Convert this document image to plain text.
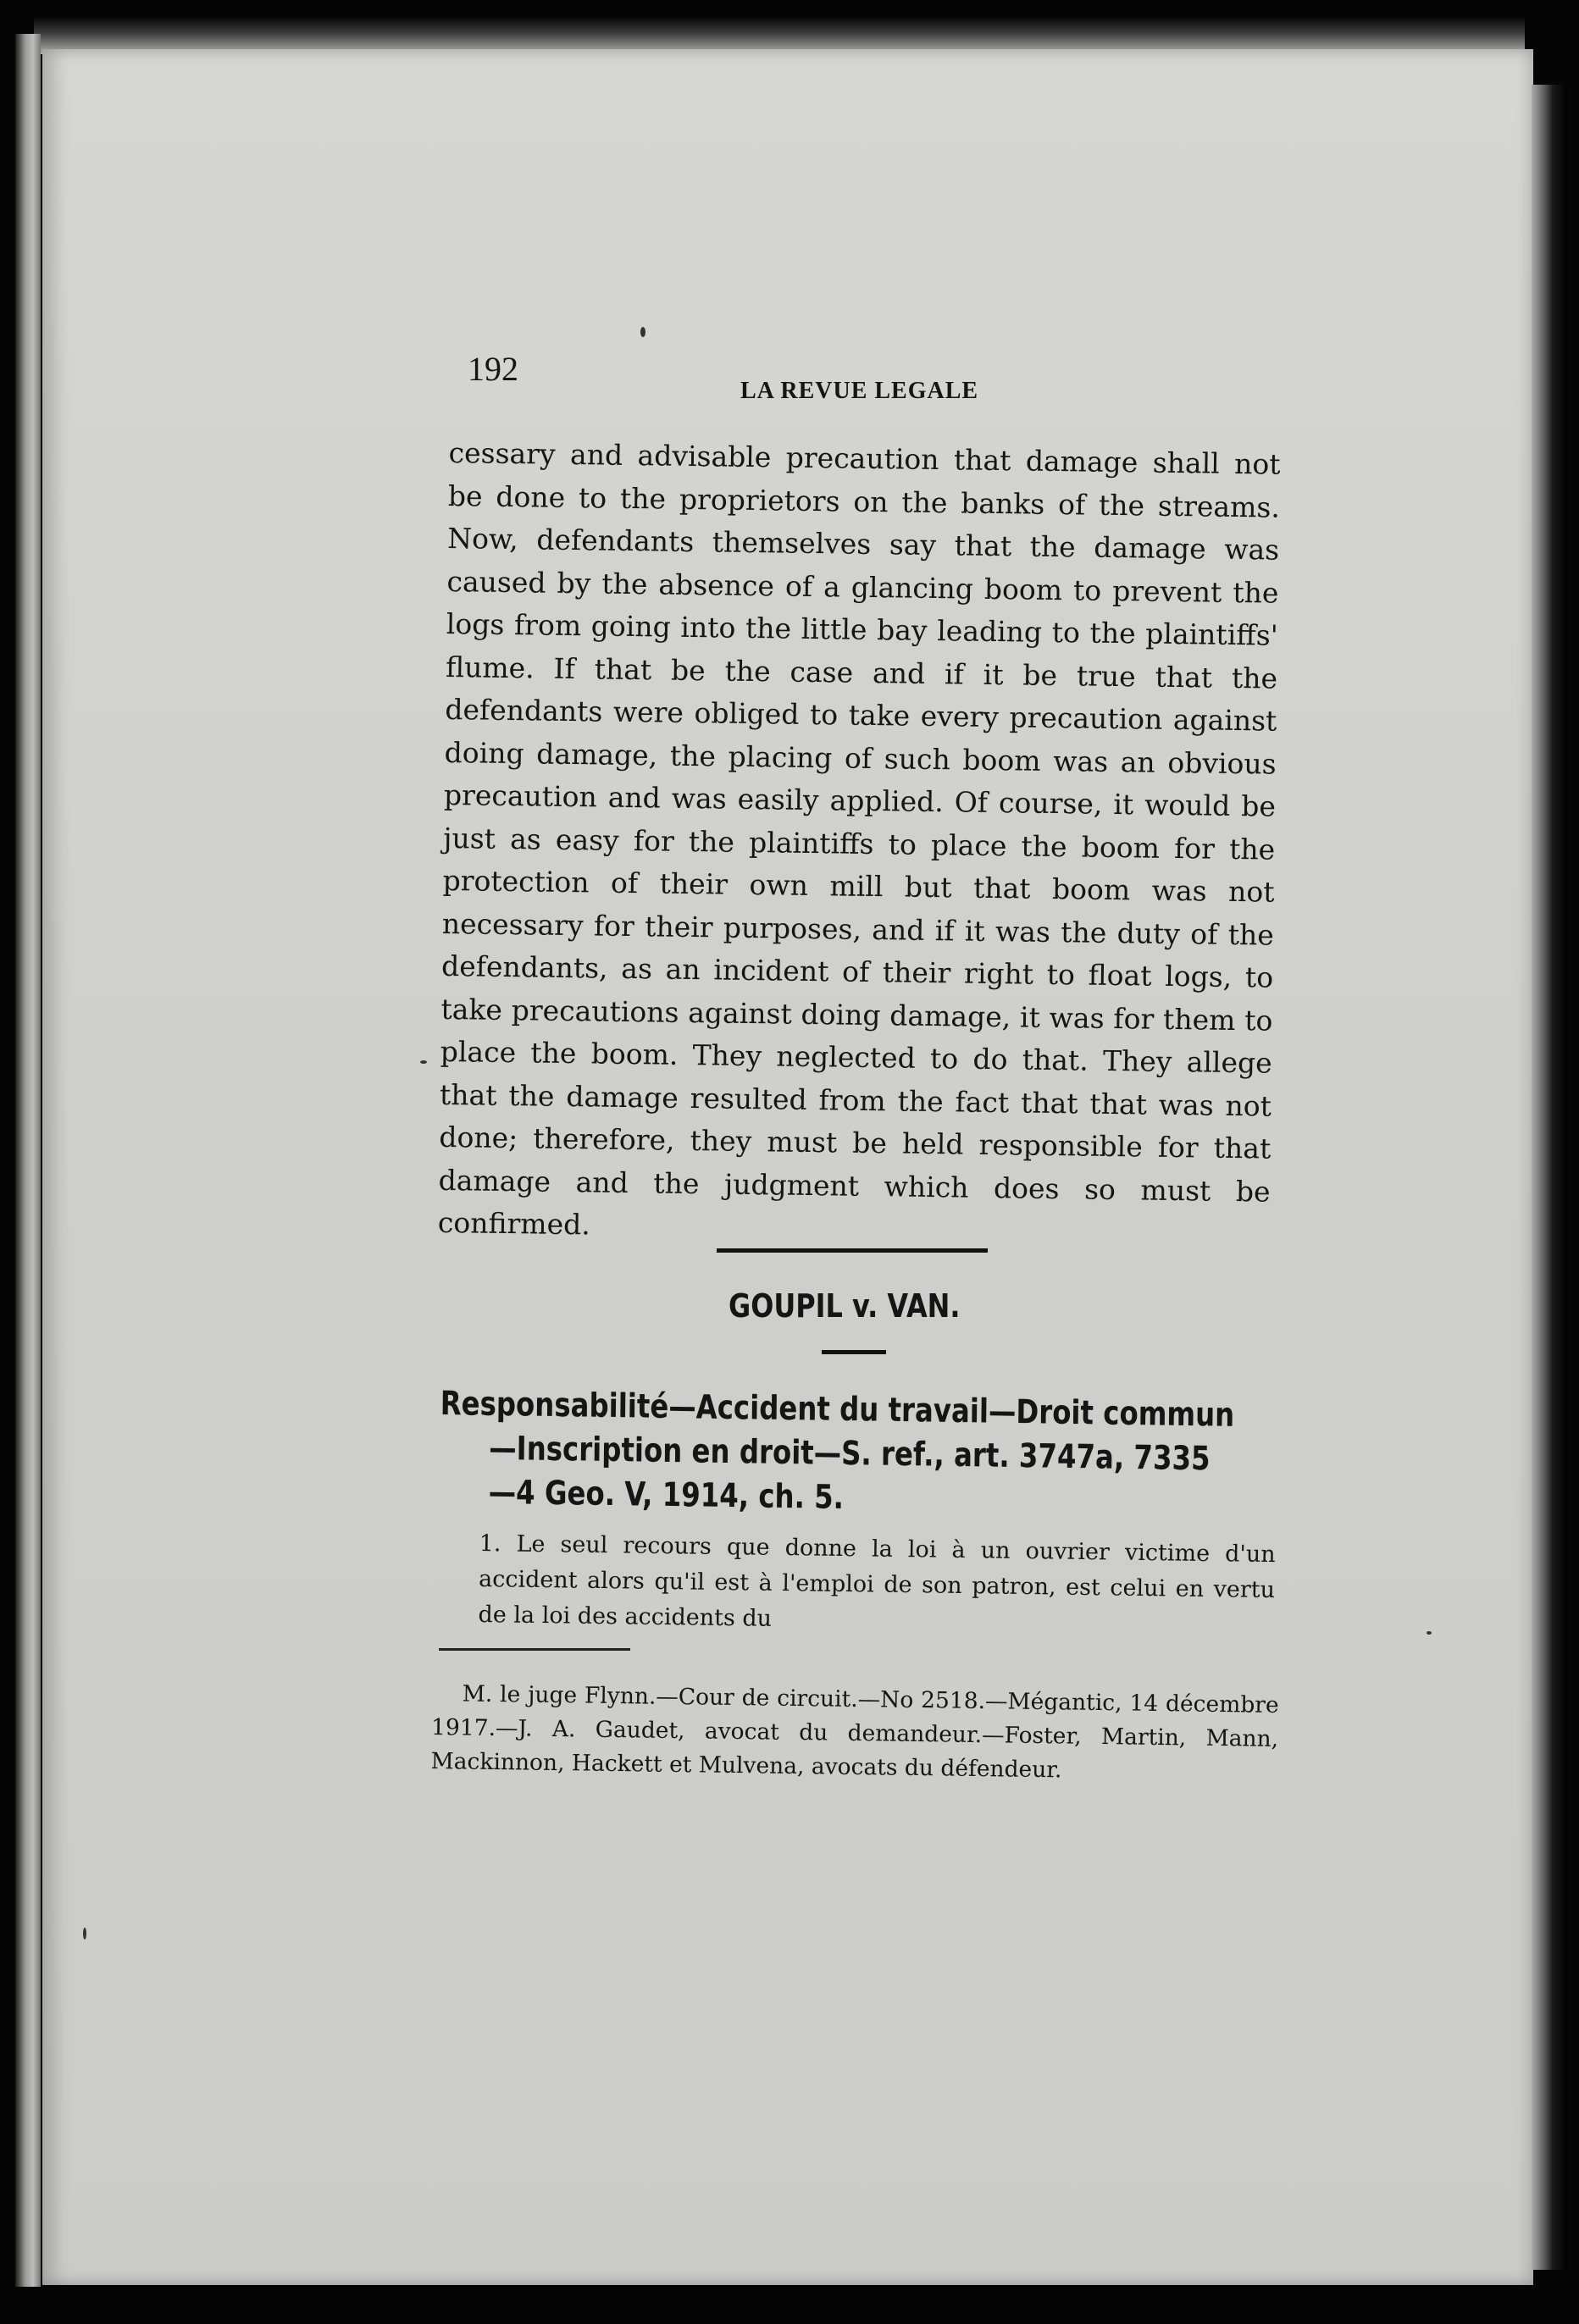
192
LA REVUE LEGALE

cessary and advisable precaution that damage shall not be done to the proprietors on the banks of the streams. Now, defendants themselves say that the damage was caused by the absence of a glancing boom to prevent the logs from going into the little bay leading to the plaintiffs' flume. If that be the case and if it be true that the defendants were obliged to take every precaution against doing damage, the placing of such boom was an obvious precaution and was easily applied. Of course, it would be just as easy for the plaintiffs to place the boom for the protection of their own mill but that boom was not necessary for their purposes, and if it was the duty of the defendants, as an incident of their right to float logs, to take precautions against doing damage, it was for them to place the boom. They neglected to do that. They allege that the damage resulted from the fact that that was not done; therefore, they must be held responsible for that damage and the judgment which does so must be confirmed.

GOUPIL v. VAN.
Responsabilité—Accident du travail—Droit commun
—Inscription en droit—S. ref., art. 3747a, 7335
—4 Geo. V, 1914, ch. 5.

1. Le seul recours que donne la loi à un ouvrier victime d'un accident alors qu'il est à l'emploi de son patron, est celui en vertu de la loi des accidents du

M. le juge Flynn.—Cour de circuit.—No 2518.—Mégantic, 14 décembre 1917.—J. A. Gaudet, avocat du demandeur.—Foster, Martin, Mann, Mackinnon, Hackett et Mulvena, avocats du défendeur.
